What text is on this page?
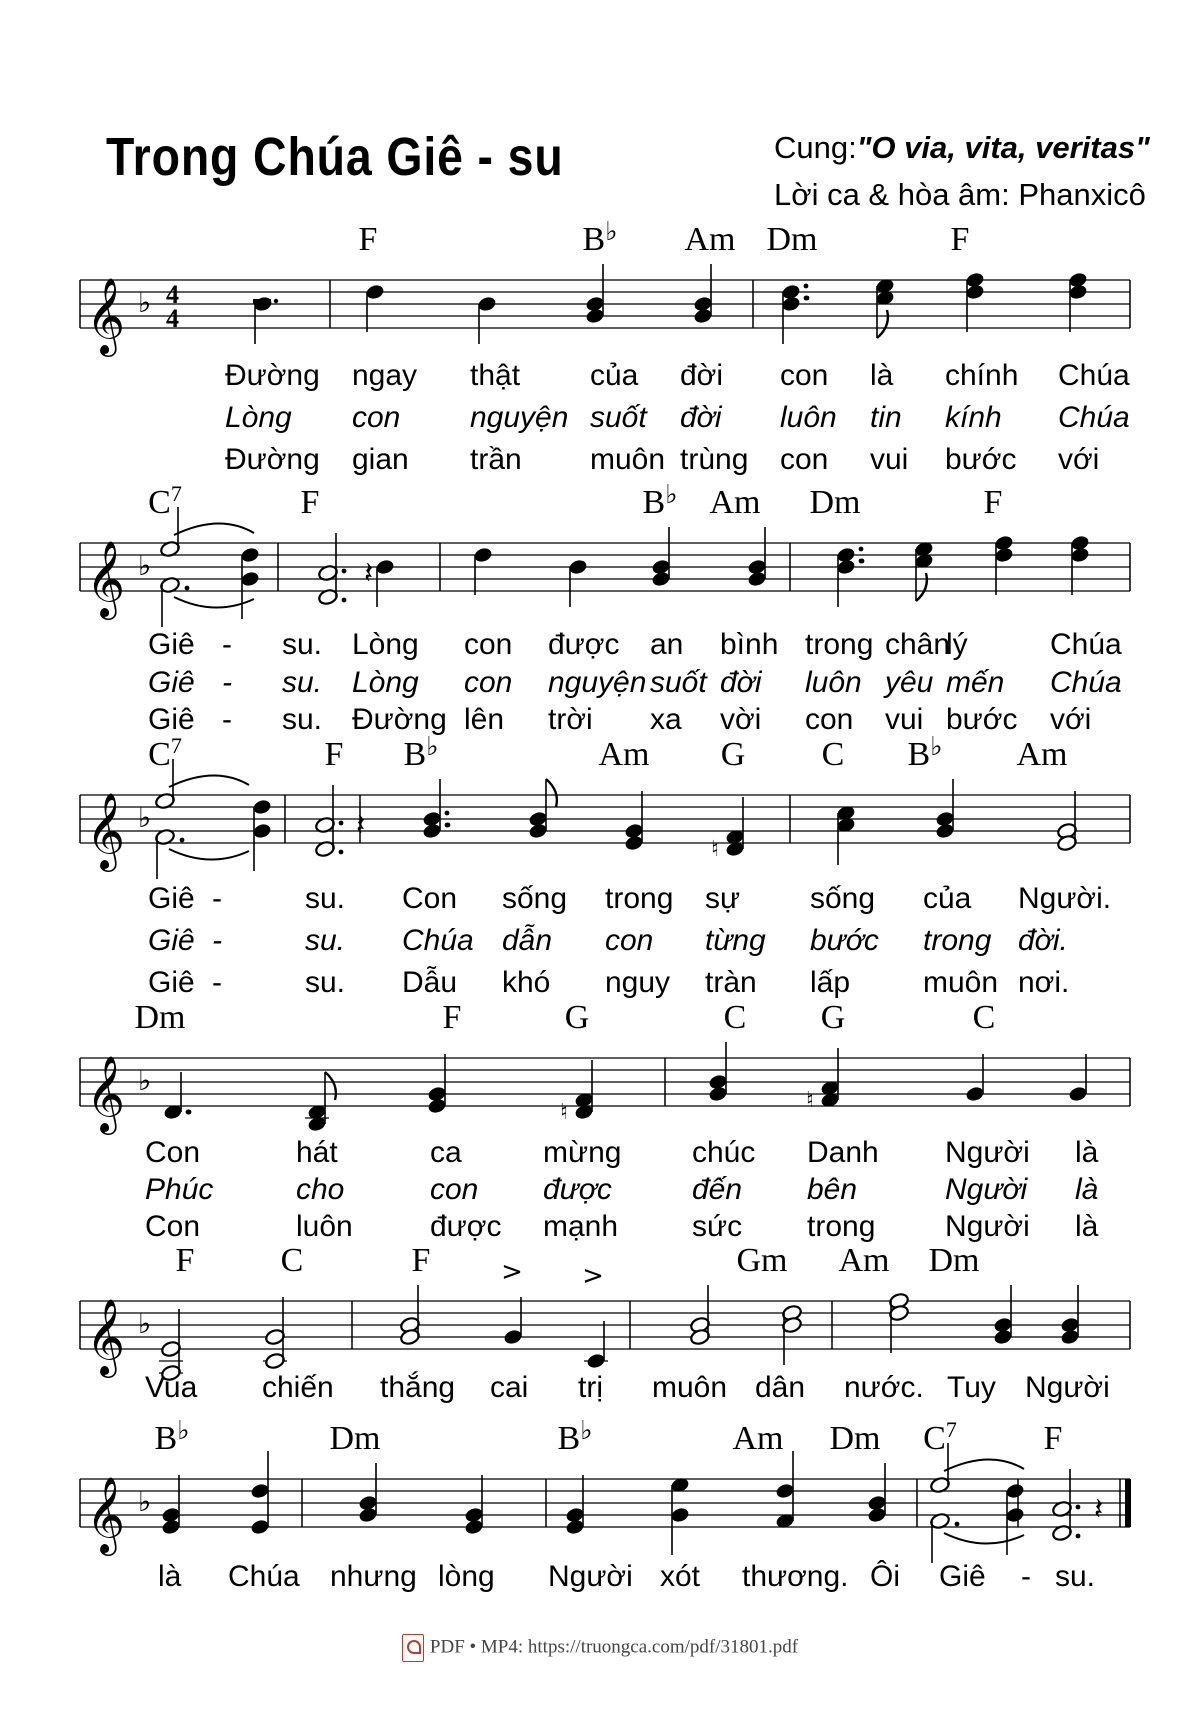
Trong Chúa Giê - su	Cung:"O via, vita, veritas"
Lời ca & hòa âm: Phanxicô
𝄞 ♭ 4
4
F	B♭ Am Dm	F
Đường ngay thật của đời con là chính Chúa
Lòng con nguyện suốt đời luôn tin kính Chúa
Đường gian trần muôn trùng con vui bước với
𝄞 ♭
$C^7$	F	B♭ Am Dm	F
𝄽
Giê - su. Lòng con được an bình trong chân
lý	Chúa
Giê - su. Lòng con nguyện suốt đời luôn yêu mến Chúa
Giê - su. Đường lên trời xa vời con vui bước với
𝄞 ♭
$C^7$	F B♭	Am G C B♭ Am
𝄽
♮
Giê -	su. Con sống trong sự sống của Người.
Giê -	su. Chúa dẫn con từng bước trong đời.
Giê -	su. Dẫu khó nguy tràn lấp muôn nơi.
𝄞 ♭
Dm	F	G	C G	C
♮	♮
Con	hát	ca	mừng chúc Danh Người là
Phúc	cho	con được	đến bên	Người là
Con	luôn	được mạnh sức trong Người là
𝄞 ♭
F	C	F	Gm Am Dm
> >
Vua chiến thắng cai trị muôn dân nước. Tuy Người
𝄞 ♭
B♭	Dm	B♭	Am Dm $C^7$	F
𝄽
là Chúa nhưng lòng Người xót thương. Ôi Giê - su.
PDF • MP4: https://truongca.com/pdf/31801.pdf
